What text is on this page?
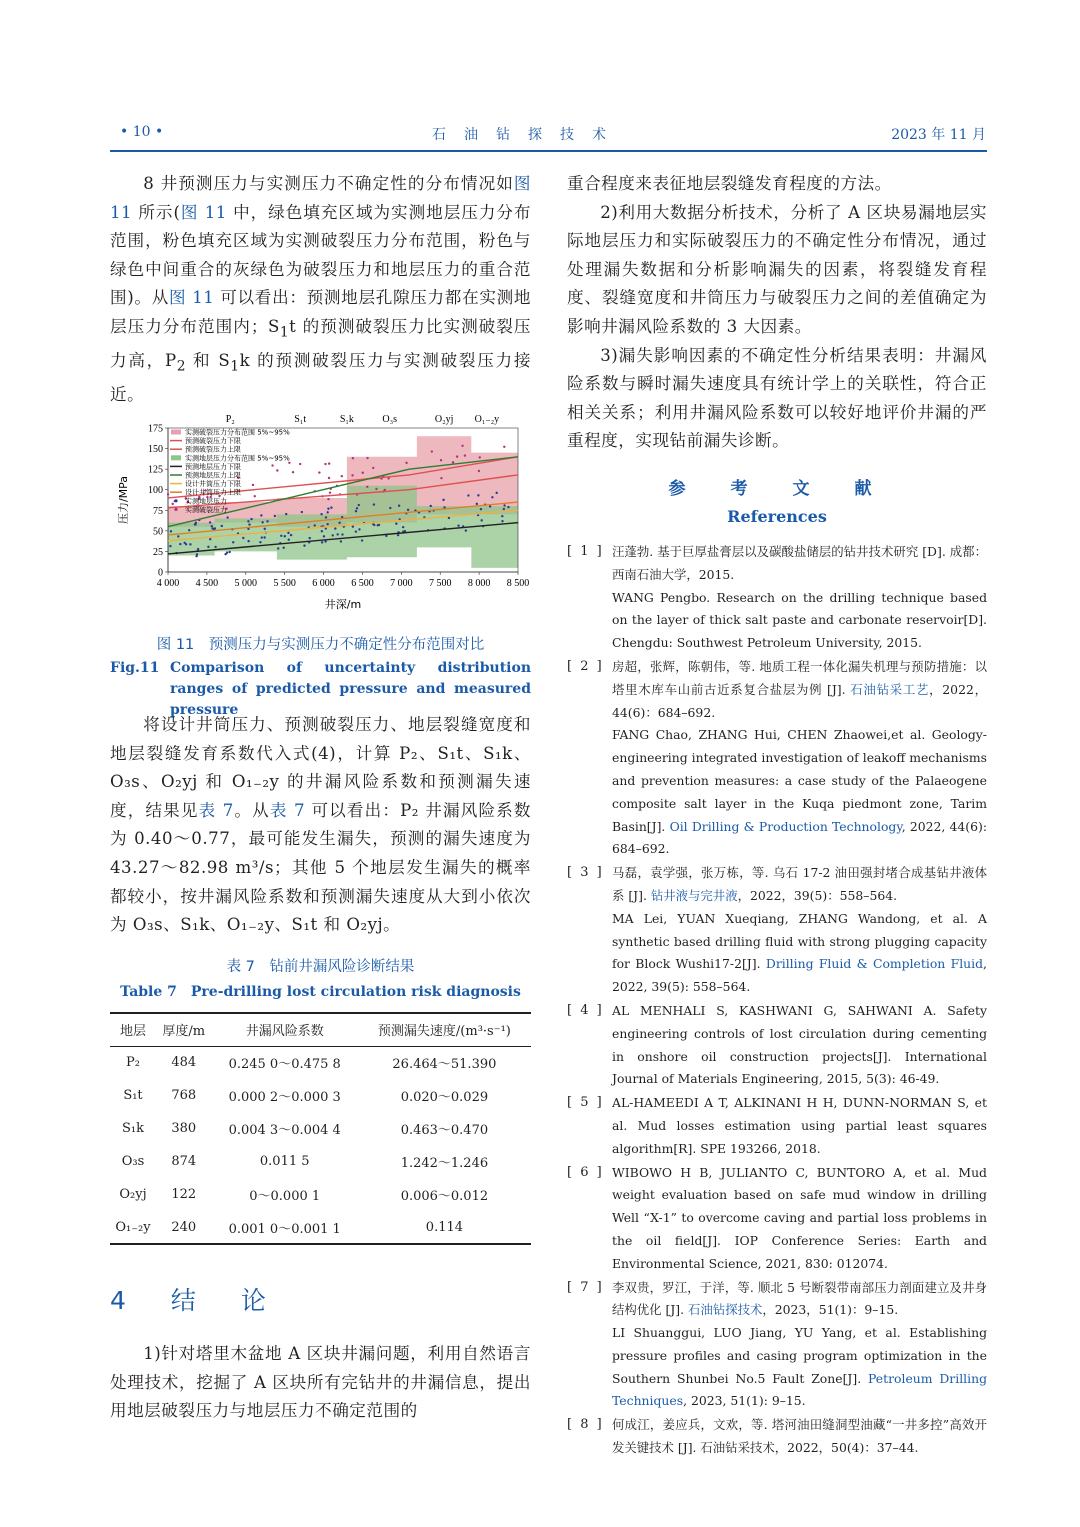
• 10 •	石　油　钻　探　技　术	2023 年 11 月

8 井预测压力与实测压力不确定性的分布情况如图 11 所示(图 11 中，绿色填充区域为实测地层压力分布范围，粉色填充区域为实测破裂压力分布范围，粉色与绿色中间重合的灰绿色为破裂压力和地层压力的重合范围)。从图 11 可以看出：预测地层孔隙压力都在实测地层压力分布范围内；$S_1t$ 的预测破裂压力比实测破裂压力高，$P_2$ 和 $S_1k$ 的预测破裂压力与实测破裂压力接近。

4 000 4 500 5 000 5 500 6 000 6 500 7 000 7 500 8 000 8 500
0
25
50
75
100
125
150
175
P₂	S₁t	S₁k	O₃s	O₂yj O₁₋₂y
压力/MPa
井深/m
实测破裂压力分布范围 5%~95%
预测破裂压力下限
预测破裂压力上限
实测地层压力分布范围 5%~95%
预测地层压力下限
预测地层压力上限
设计井筒压力下限
设计井筒压力上限
实测地层压力
实测破裂压力
图 11　预测压力与实测压力不确定性分布范围对比
Fig.11 Comparison of uncertainty distribution ranges of predicted pressure and measured pressure

将设计井筒压力、预测破裂压力、地层裂缝宽度和地层裂缝发育系数代入式(4)，计算 P₂、S₁t、S₁k、O₃s、O₂yj 和 O₁₋₂y 的井漏风险系数和预测漏失速度，结果见表 7。从表 7 可以看出：P₂ 井漏风险系数为 0.40～0.77，最可能发生漏失，预测的漏失速度为 43.27～82.98 m³/s；其他 5 个地层发生漏失的概率都较小，按井漏风险系数和预测漏失速度从大到小依次为 O₃s、S₁k、O₁₋₂y、S₁t 和 O₂yj。

表 7　钻前井漏风险诊断结果
Table 7　Pre-drilling lost circulation risk diagnosis
地层	厚度/m	井漏风险系数	预测漏失速度/(m³·s⁻¹)
P₂	484	0.245 0～0.475 8	26.464～51.390
S₁t	768	0.000 2～0.000 3	0.020～0.029
S₁k	380	0.004 3～0.004 4	0.463～0.470
O₃s	874	0.011 5	1.242～1.246
O₂yj	122	0～0.000 1	0.006～0.012
O₁₋₂y	240	0.001 0～0.001 1	0.114
4　结　论

1)针对塔里木盆地 A 区块井漏问题，利用自然语言处理技术，挖掘了 A 区块所有完钻井的井漏信息，提出用地层破裂压力与地层压力不确定范围的

重合程度来表征地层裂缝发育程度的方法。

2)利用大数据分析技术，分析了 A 区块易漏地层实际地层压力和实际破裂压力的不确定性分布情况，通过处理漏失数据和分析影响漏失的因素，将裂缝发育程度、裂缝宽度和井筒压力与破裂压力之间的差值确定为影响井漏风险系数的 3 大因素。

3)漏失影响因素的不确定性分析结果表明：井漏风险系数与瞬时漏失速度具有统计学上的关联性，符合正相关关系；利用井漏风险系数可以较好地评价井漏的严重程度，实现钻前漏失诊断。

参　考　文　献
References
[ 1 ] 汪蓬勃. 基于巨厚盐膏层以及碳酸盐储层的钻井技术研究 [D]. 成都：西南石油大学，2015.

WANG Pengbo. Research on the drilling technique based on the layer of thick salt paste and carbonate reservoir[D]. Chengdu: Southwest Petroleum University, 2015.

[ 2 ] 房超，张辉，陈朝伟，等. 地质工程一体化漏失机理与预防措施：以塔里木库车山前古近系复合盐层为例 [J]. 石油钻采工艺，2022，44(6)：684–692.

FANG Chao, ZHANG Hui, CHEN Zhaowei,et al. Geology-engineering integrated investigation of leakoff mechanisms and prevention measures: a case study of the Palaeogene composite salt layer in the Kuqa piedmont zone, Tarim Basin[J]. Oil Drilling & Production Technology, 2022, 44(6): 684–692.

[ 3 ] 马磊，袁学强，张万栋，等. 乌石 17-2 油田强封堵合成基钻井液体系 [J]. 钻井液与完井液，2022，39(5)：558–564.

MA Lei, YUAN Xueqiang, ZHANG Wandong, et al. A synthetic based drilling fluid with strong plugging capacity for Block Wushi17-2[J]. Drilling Fluid & Completion Fluid, 2022, 39(5): 558–564.

[ 4 ] AL MENHALI S, KASHWANI G, SAHWANI A. Safety engineering controls of lost circulation during cementing in onshore oil construction projects[J]. International Journal of Materials Engineering, 2015, 5(3): 46-49.

[ 5 ] AL-HAMEEDI A T, ALKINANI H H, DUNN-NORMAN S, et al. Mud losses estimation using partial least squares algorithm[R]. SPE 193266, 2018.

[ 6 ] WIBOWO H B, JULIANTO C, BUNTORO A, et al. Mud weight evaluation based on safe mud window in drilling Well “X-1” to overcome caving and partial loss problems in the oil field[J]. IOP Conference Series: Earth and Environmental Science, 2021, 830: 012074.

[ 7 ] 李双贵，罗江，于洋，等. 顺北 5 号断裂带南部压力剖面建立及井身结构优化 [J]. 石油钻探技术，2023，51(1)：9–15.

LI Shuanggui, LUO Jiang, YU Yang, et al. Establishing pressure profiles and casing program optimization in the Southern Shunbei No.5 Fault Zone[J]. Petroleum Drilling Techniques, 2023, 51(1): 9–15.

[ 8 ] 何成江，姜应兵，文欢，等. 塔河油田缝洞型油藏“一井多控”高效开发关键技术 [J]. 石油钻采技术，2022，50(4)：37–44.
